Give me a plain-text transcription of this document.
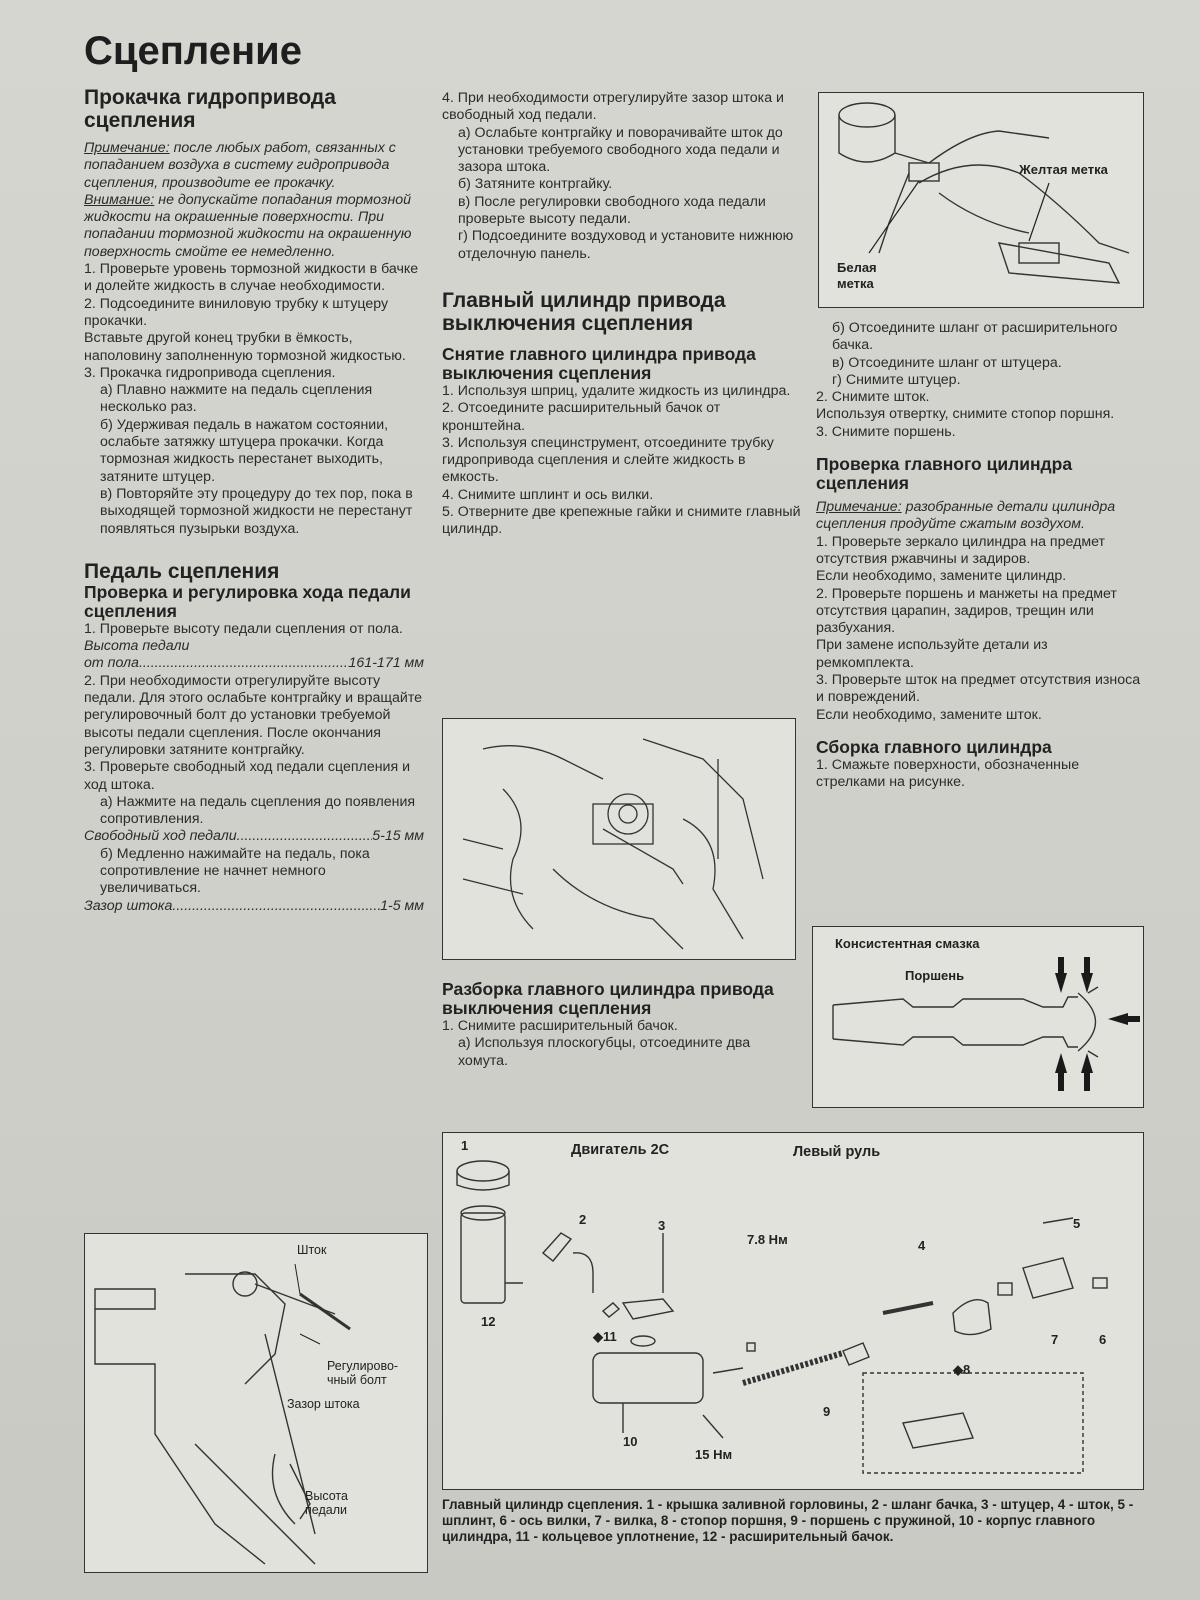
Сцепление
Прокачка гидропривода сцепления

Примечание: после любых работ, связанных с попаданием воздуха в систему гидропривода сцепления, производите ее прокачку.

Внимание: не допускайте попадания тормозной жидкости на окрашенные поверхности. При попадании тормозной жидкости на окрашенную поверхность смойте ее немедленно.

1. Проверьте уровень тормозной жидкости в бачке и долейте жидкость в случае необходимости.

2. Подсоедините виниловую трубку к штуцеру прокачки.

Вставьте другой конец трубки в ёмкость, наполовину заполненную тормозной жидкостью.

3. Прокачка гидропривода сцепления.

а) Плавно нажмите на педаль сцепления несколько раз.

б) Удерживая педаль в нажатом состоянии, ослабьте затяжку штуцера прокачки. Когда тормозная жидкость перестанет выходить, затяните штуцер.

в) Повторяйте эту процедуру до тех пор, пока в выходящей тормозной жидкости не перестанут появляться пузырьки воздуха.

Педаль сцепления
Проверка и регулировка хода педали сцепления

1. Проверьте высоту педали сцепления от пола.

Высота педали

от пола .....	161-171 мм

2. При необходимости отрегулируйте высоту педали. Для этого ослабьте контргайку и вращайте регулировочный болт до установки требуемой высоты педали сцепления. После окончания регулировки затяните контргайку.

3. Проверьте свободный ход педали сцепления и ход штока.

а) Нажмите на педаль сцепления до появления сопротивления.

Свободный ход педали .....	5-15 мм

б) Медленно нажимайте на педаль, пока сопротивление не начнет немного увеличиваться.

Зазор штока .....	1-5 мм

4. При необходимости отрегулируйте зазор штока и свободный ход педали.

а) Ослабьте контргайку и поворачивайте шток до установки требуемого свободного хода педали и зазора штока.

б) Затяните контргайку.

в) После регулировки свободного хода педали проверьте высоту педали.

г) Подсоедините воздуховод и установите нижнюю отделочную панель.

Главный цилиндр привода выключения сцепления
Снятие главного цилиндра привода выключения сцепления

1. Используя шприц, удалите жидкость из цилиндра.

2. Отсоедините расширительный бачок от кронштейна.

3. Используя специнструмент, отсоедините трубку гидропривода сцепления и слейте жидкость в емкость.

4. Снимите шплинт и ось вилки.

5. Отверните две крепежные гайки и снимите главный цилиндр.

Разборка главного цилиндра привода выключения сцепления

1. Снимите расширительный бачок.

а) Используя плоскогубцы, отсоедините два хомута.

б) Отсоедините шланг от расширительного бачка.

в) Отсоедините шланг от штуцера.

г) Снимите штуцер.

2. Снимите шток.

Используя отвертку, снимите стопор поршня.

3. Снимите поршень.

Проверка главного цилиндра сцепления

Примечание: разобранные детали цилиндра сцепления продуйте сжатым воздухом.

1. Проверьте зеркало цилиндра на предмет отсутствия ржавчины и задиров.

Если необходимо, замените цилиндр.

2. Проверьте поршень и манжеты на предмет отсутствия царапин, задиров, трещин или разбухания.

При замене используйте детали из ремкомплекта.

3. Проверьте шток на предмет отсутствия износа и повреждений.

Если необходимо, замените шток.

Сборка главного цилиндра

1. Смажьте поверхности, обозначенные стрелками на рисунке.

Желтая метка
Белая
метка
Шток
Регулирово-
чный болт
Зазор штока
Высота
педали
Консистентная смазка
Поршень
Двигатель 2С	Левый руль
7.8 Нм
15 Нм
1
2	3
4
5
6
7
◆8
9
10
◆11
12
Главный цилиндр сцепления. 1 - крышка заливной горловины, 2 - шланг бачка, 3 - штуцер, 4 - шток, 5 - шплинт, 6 - ось вилки, 7 - вилка, 8 - стопор поршня, 9 - поршень с пружиной, 10 - корпус главного цилиндра, 11 - кольцевое уплотнение, 12 - расширительный бачок.
